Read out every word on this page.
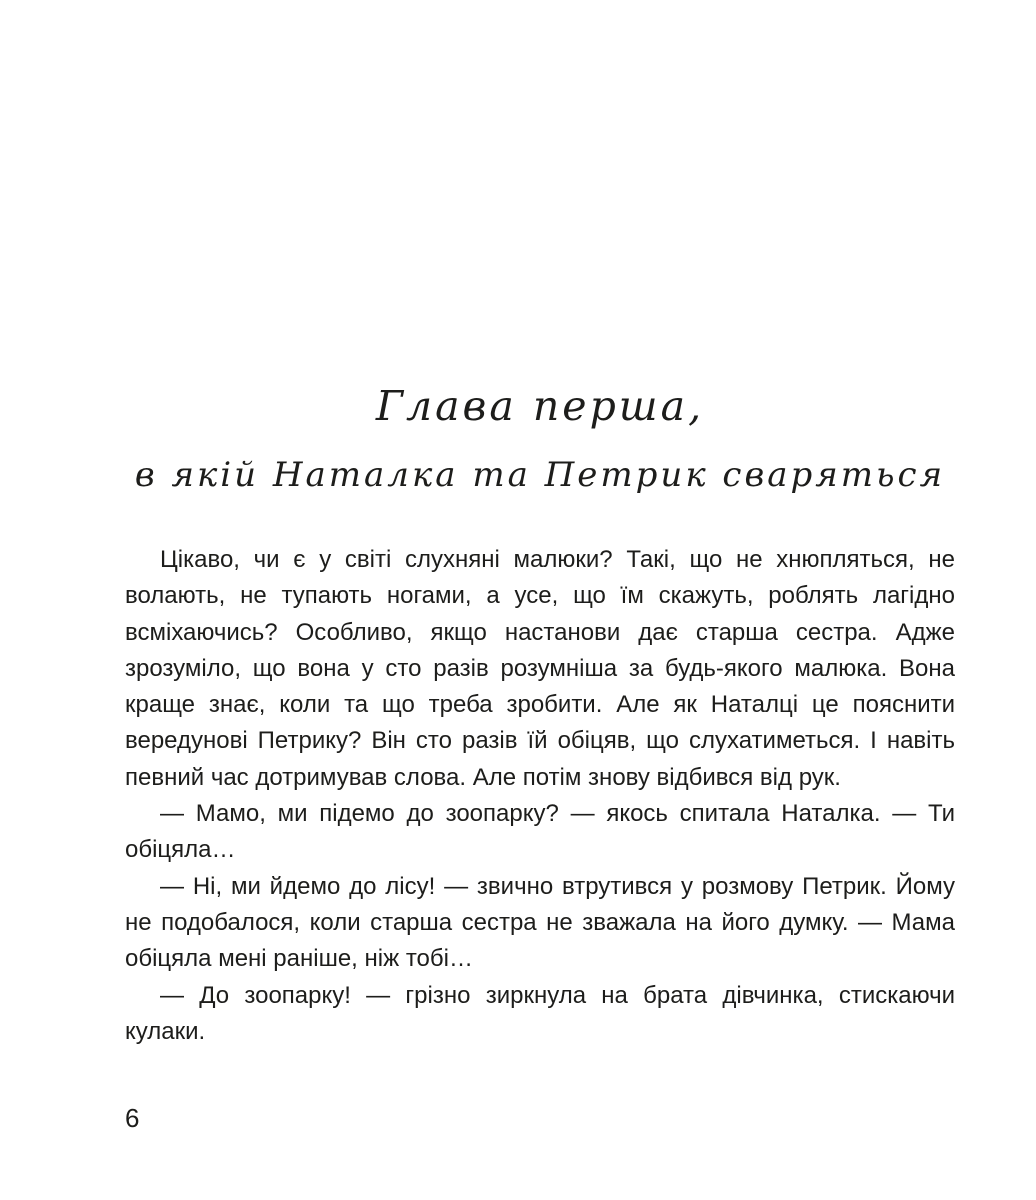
Глава перша,
в якій Наталка та Петрик сваряться

Цікаво, чи є у світі слухняні малюки? Такі, що не хнюпляться, не волають, не тупають ногами, а усе, що їм скажуть, роблять лагідно всміхаючись? Особливо, якщо настанови дає старша сестра. Адже зрозуміло, що вона у сто разів розумніша за будь-якого малюка. Вона краще знає, коли та що треба зробити. Але як Наталці це пояснити вередунові Петрику? Він сто разів їй обіцяв, що слухатиметься. І навіть певний час дотримував слова. Але потім знову відбився від рук.

— Мамо, ми підемо до зоопарку? — якось спитала Наталка. — Ти обіцяла…

— Ні, ми йдемо до лісу! — звично втрутився у розмову Петрик. Йому не подобалося, коли старша сестра не зважала на його думку. — Мама обіцяла мені раніше, ніж тобі…

— До зоопарку! — грізно зиркнула на брата дівчинка, стискаючи кулаки.

6
